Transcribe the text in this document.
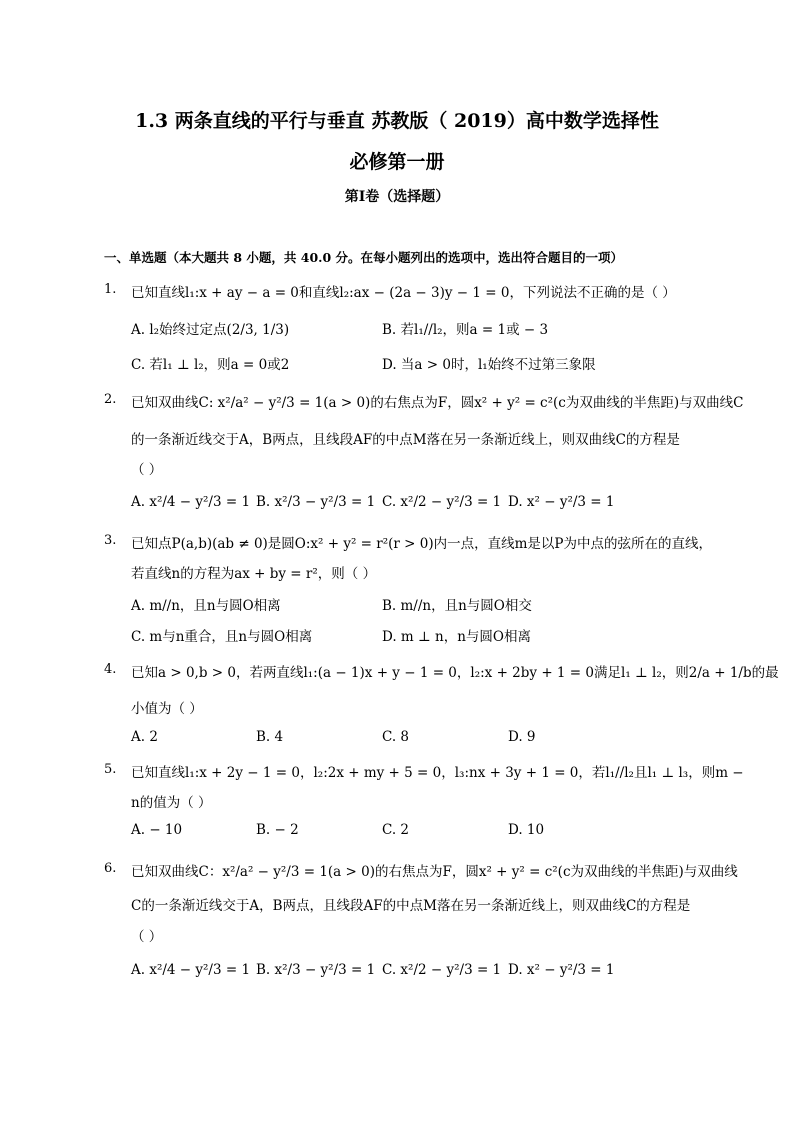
1.3 两条直线的平行与垂直 苏教版（ 2019）高中数学选择性
必修第一册
第I卷（选择题）
一、单选题（本大题共 8 小题，共 40.0 分。在每小题列出的选项中，选出符合题目的一项）
1. 已知直线l₁:x + ay − a = 0和直线l₂:ax − (2a − 3)y − 1 = 0，下列说法不正确的是（ ）
A. l₂始终过定点(2/3, 1/3)	B. 若l₁//l₂，则a = 1或 − 3
C. 若l₁ ⊥ l₂，则a = 0或2	D. 当a > 0时，l₁始终不过第三象限
2. 已知双曲线C: x²/a² − y²/3 = 1(a > 0)的右焦点为F，圆x² + y² = c²(c为双曲线的半焦距)与双曲线C
的一条渐近线交于A，B两点，且线段AF的中点M落在另一条渐近线上，则双曲线C的方程是
（ ）
A. x²/4 − y²/3 = 1 B. x²/3 − y²/3 = 1 C. x²/2 − y²/3 = 1 D. x² − y²/3 = 1
3. 已知点P(a,b)(ab ≠ 0)是圆O:x² + y² = r²(r > 0)内一点，直线m是以P为中点的弦所在的直线，
若直线n的方程为ax + by = r²，则（ ）
A. m//n，且n与圆O相离	B. m//n，且n与圆O相交
C. m与n重合，且n与圆O相离	D. m ⊥ n，n与圆O相离
4. 已知a > 0,b > 0，若两直线l₁:(a − 1)x + y − 1 = 0，l₂:x + 2by + 1 = 0满足l₁ ⊥ l₂，则2/a + 1/b的最
小值为（ ）
A. 2	B. 4	C. 8	D. 9
5. 已知直线l₁:x + 2y − 1 = 0，l₂:2x + my + 5 = 0，l₃:nx + 3y + 1 = 0，若l₁//l₂且l₁ ⊥ l₃，则m −
n的值为（ ）
A. − 10	B. − 2	C. 2	D. 10
6. 已知双曲线C：x²/a² − y²/3 = 1(a > 0)的右焦点为F，圆x² + y² = c²(c为双曲线的半焦距)与双曲线
C的一条渐近线交于A，B两点，且线段AF的中点M落在另一条渐近线上，则双曲线C的方程是
（ ）
A. x²/4 − y²/3 = 1 B. x²/3 − y²/3 = 1 C. x²/2 − y²/3 = 1 D. x² − y²/3 = 1
